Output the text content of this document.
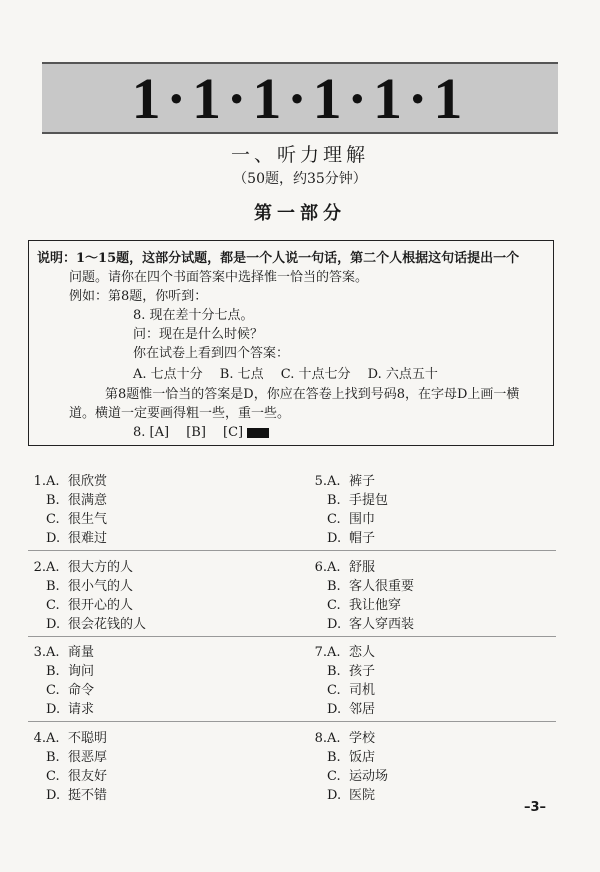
1·1·1·1·1·1
一、听力理解
（50题，约35分钟）
第一部分
说明：1～15题，这部分试题，都是一个人说一句话，第二个人根据这句话提出一个
问题。请你在四个书面答案中选择惟一恰当的答案。
例如：第8题，你听到：
8. 现在差十分七点。
问：现在是什么时候？
你在试卷上看到四个答案：
A. 七点十分　 B. 七点　 C. 十点七分　 D. 六点五十
第8题惟一恰当的答案是D，你应在答卷上找到号码8，在字母D上画一横
道。横道一定要画得粗一些，重一些。
8. [A]　 [B]　 [C]
1. A. 很欣赏
B. 很满意
C. 很生气
D. 很难过
2. A. 很大方的人
B. 很小气的人
C. 很开心的人
D. 很会花钱的人
3. A. 商量
B. 询问
C. 命令
D. 请求
4. A. 不聪明
B. 很恶厚
C. 很友好
D. 挺不错
5. A. 裤子
B. 手提包
C. 围巾
D. 帽子
6. A. 舒服
B. 客人很重要
C. 我让他穿
D. 客人穿西装
7. A. 恋人
B. 孩子
C. 司机
D. 邻居
8. A. 学校
B. 饭店
C. 运动场
D. 医院
–3–
